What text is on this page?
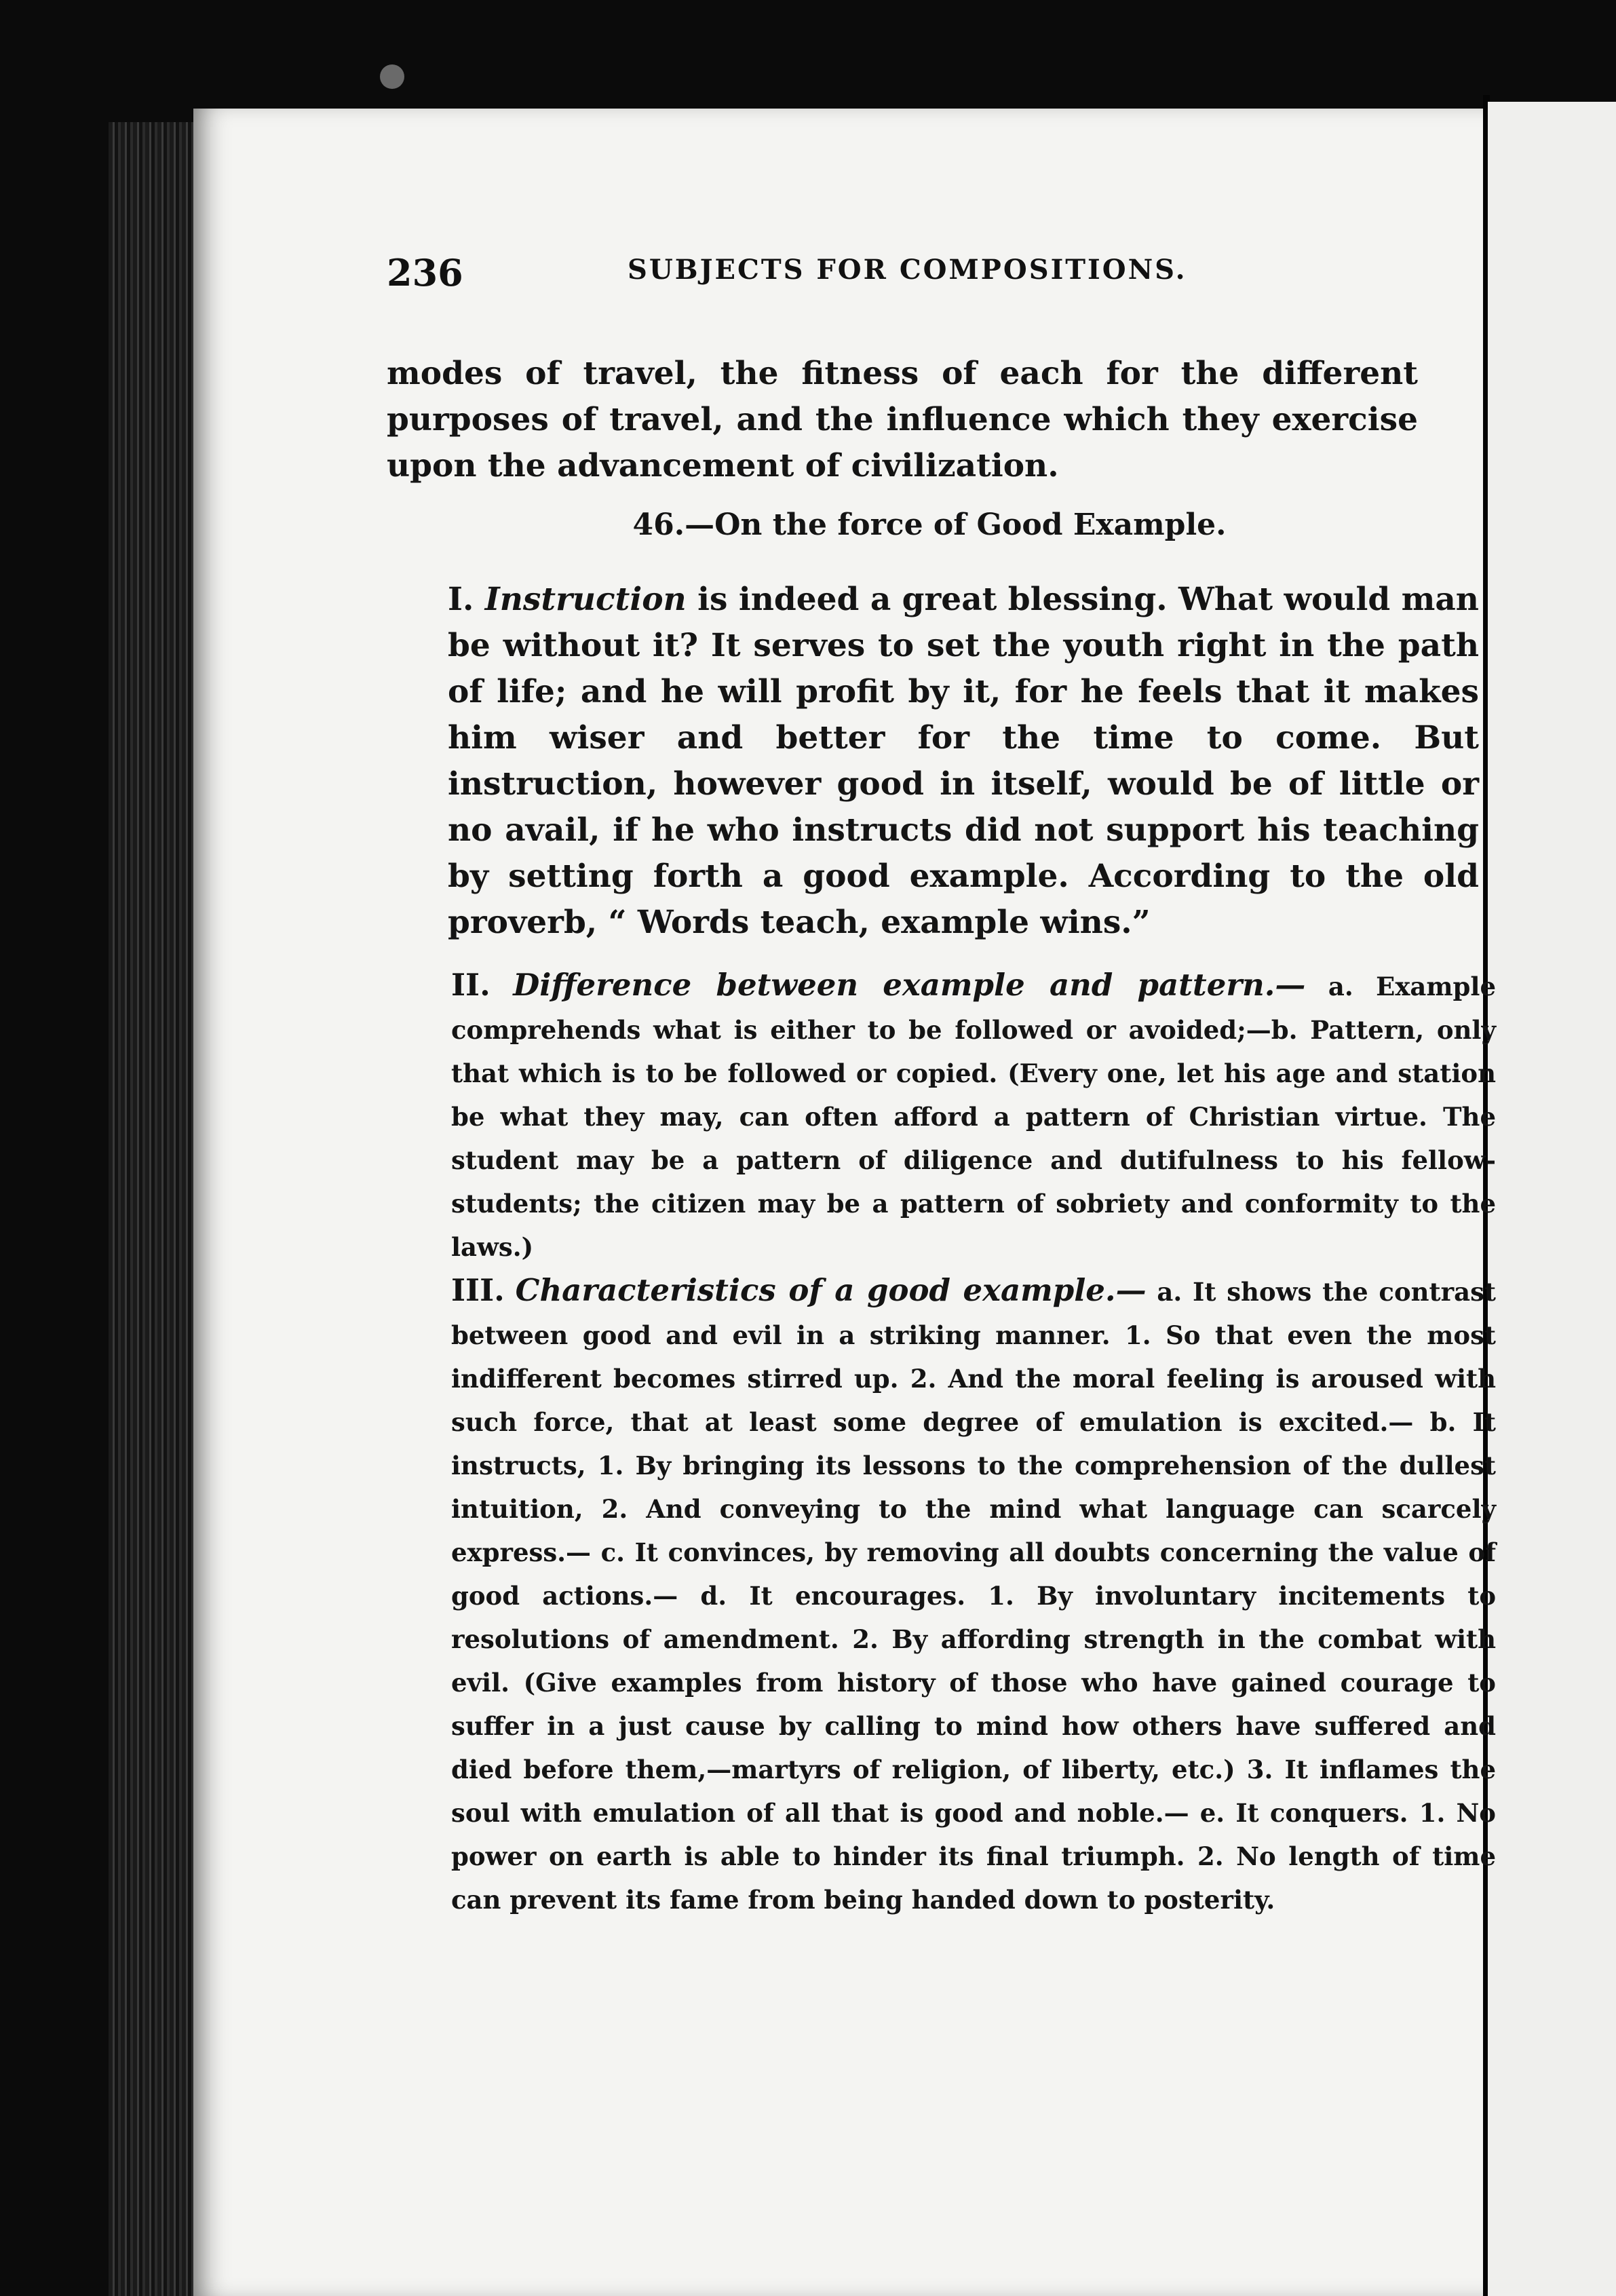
236	SUBJECTS FOR COMPOSITIONS.

modes of travel, the fitness of each for the different purposes of travel, and the influence which they exercise upon the advancement of civilization.

46.—On the force of Good Example.

I. Instruction is indeed a great blessing. What would man be without it? It serves to set the youth right in the path of life; and he will profit by it, for he feels that it makes him wiser and better for the time to come. But instruction, however good in itself, would be of little or no avail, if he who instructs did not support his teaching by setting forth a good example. According to the old proverb, “ Words teach, example wins.”

II. Difference between example and pattern.— a. Example comprehends what is either to be followed or avoided;—b. Pattern, only that which is to be followed or copied. (Every one, let his age and station be what they may, can often afford a pattern of Christian virtue. The student may be a pattern of diligence and dutifulness to his fellow-students; the citizen may be a pattern of sobriety and conformity to the laws.)

III. Characteristics of a good example.— a. It shows the contrast between good and evil in a striking manner. 1. So that even the most indifferent becomes stirred up. 2. And the moral feeling is aroused with such force, that at least some degree of emulation is excited.— b. It instructs, 1. By bringing its lessons to the comprehension of the dullest intuition, 2. And conveying to the mind what language can scarcely express.— c. It convinces, by removing all doubts concerning the value of good actions.— d. It encourages. 1. By involuntary incitements to resolutions of amendment. 2. By affording strength in the combat with evil. (Give examples from history of those who have gained courage to suffer in a just cause by calling to mind how others have suffered and died before them,—martyrs of religion, of liberty, etc.) 3. It inflames the soul with emulation of all that is good and noble.— e. It conquers. 1. No power on earth is able to hinder its final triumph. 2. No length of time can prevent its fame from being handed down to posterity.
